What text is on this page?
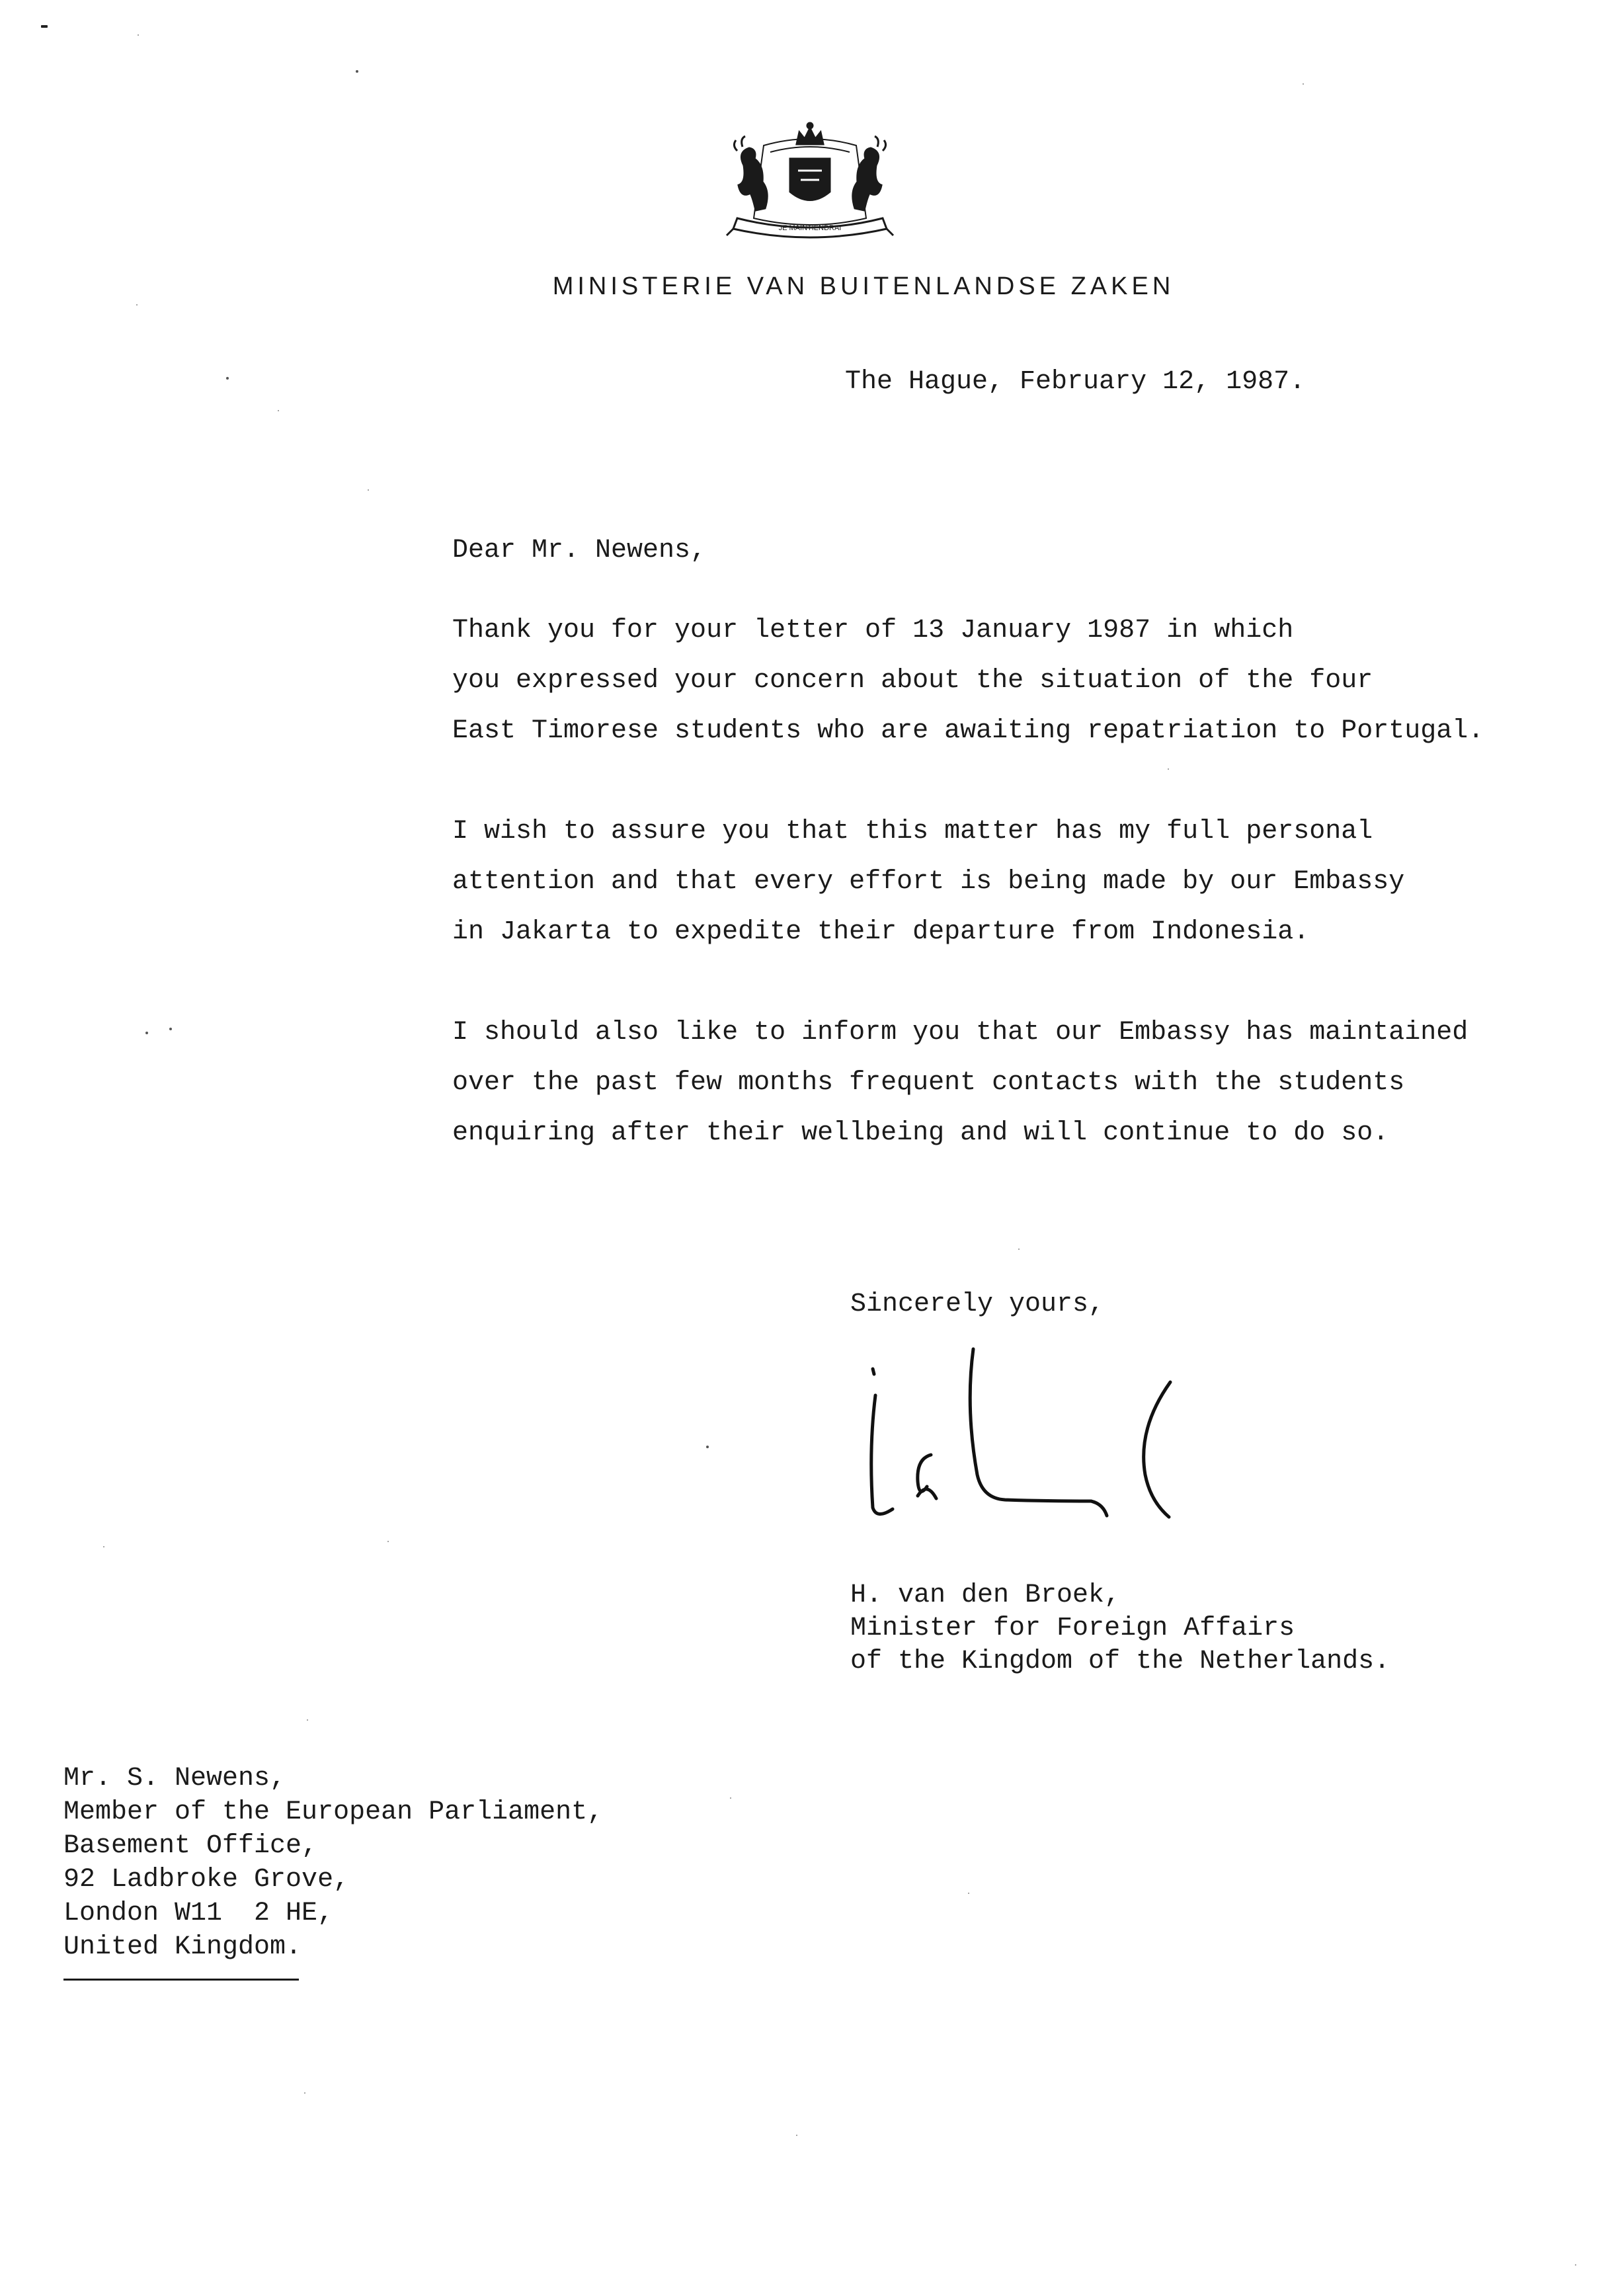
JE MAINTIENDRAI
MINISTERIE VAN BUITENLANDSE ZAKEN
The Hague, February 12, 1987.
Dear Mr. Newens,
Thank you for your letter of 13 January 1987 in which
you expressed your concern about the situation of the four
East Timorese students who are awaiting repatriation to Portugal.
I wish to assure you that this matter has my full personal
attention and that every effort is being made by our Embassy
in Jakarta to expedite their departure from Indonesia.
I should also like to inform you that our Embassy has maintained
over the past few months frequent contacts with the students
enquiring after their wellbeing and will continue to do so.
Sincerely yours,
H. van den Broek,
Minister for Foreign Affairs
of the Kingdom of the Netherlands.
Mr. S. Newens,
Member of the European Parliament,
Basement Office,
92 Ladbroke Grove,
London W11  2 HE,
United Kingdom.
